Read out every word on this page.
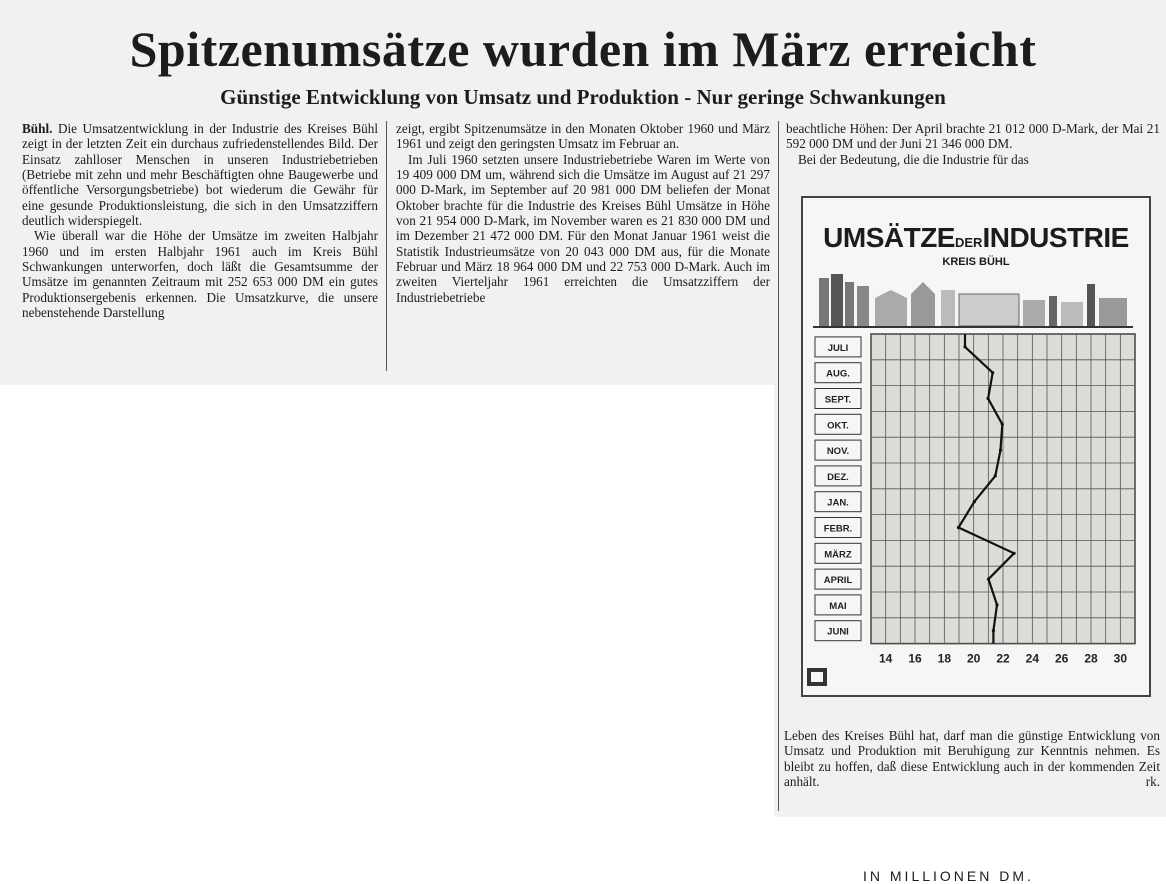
Spitzenumsätze wurden im März erreicht
Günstige Entwicklung von Umsatz und Produktion - Nur geringe Schwankungen

Bühl. Die Umsatzentwicklung in der Industrie des Kreises Bühl zeigt in der letzten Zeit ein durchaus zufriedenstellendes Bild. Der Einsatz zahlloser Menschen in unseren Industriebetrieben (Betriebe mit zehn und mehr Beschäftigten ohne Baugewerbe und öffentliche Versorgungsbetriebe) bot wiederum die Gewähr für eine gesunde Produktionsleistung, die sich in den Umsatzziffern deutlich widerspiegelt.

Wie überall war die Höhe der Umsätze im zweiten Halbjahr 1960 und im ersten Halbjahr 1961 auch im Kreis Bühl Schwankungen unterworfen, doch läßt die Gesamtsumme der Umsätze im genannten Zeitraum mit 252 653 000 DM ein gutes Produktionsergebenis erkennen. Die Umsatzkurve, die unsere nebenstehende Darstellung

zeigt, ergibt Spitzenumsätze in den Monaten Oktober 1960 und März 1961 und zeigt den geringsten Umsatz im Februar an.

Im Juli 1960 setzten unsere Industriebetriebe Waren im Werte von 19 409 000 DM um, während sich die Umsätze im August auf 21 297 000 D-Mark, im September auf 20 981 000 DM beliefen der Monat Oktober brachte für die Industrie des Kreises Bühl Umsätze in Höhe von 21 954 000 D-Mark, im November waren es 21 830 000 DM und im Dezember 21 472 000 DM. Für den Monat Januar 1961 weist die Statistik Industrieumsätze von 20 043 000 DM aus, für die Monate Februar und März 18 964 000 DM und 22 753 000 D-Mark. Auch im zweiten Vierteljahr 1961 erreichten die Umsatzziffern der Industriebetriebe

beachtliche Höhen: Der April brachte 21 012 000 D-Mark, der Mai 21 592 000 DM und der Juni 21 346 000 DM.

Bei der Bedeutung, die die Industrie für das

UMSÄTZEDERINDUSTRIE
KREIS BÜHL
JULI
AUG.
SEPT.
OKT.
NOV.
DEZ.
JAN.
FEBR.
MÄRZ
APRIL
MAI
JUNI
14 16 18 20 22 24 26 28 30
IN MILLIONEN DM.

Leben des Kreises Bühl hat, darf man die günstige Entwicklung von Umsatz und Produktion mit Beruhigung zur Kenntnis nehmen. Es bleibt zu hoffen, daß diese Entwicklung auch in der kommenden Zeit anhält.	rk.
